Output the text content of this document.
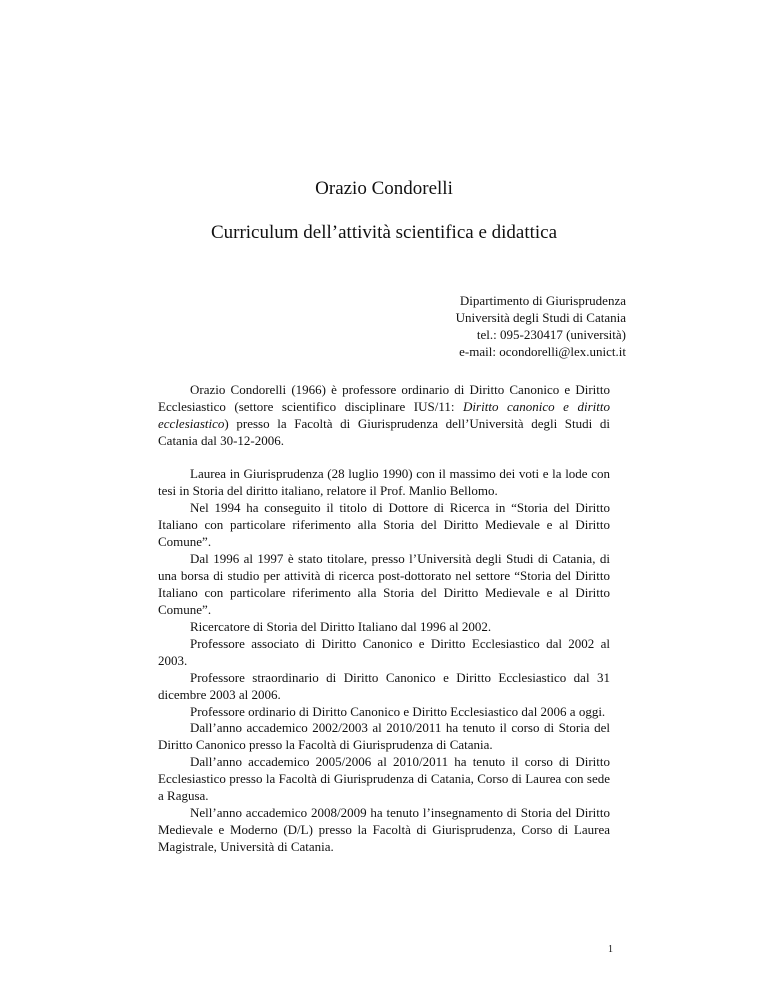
Orazio Condorelli
Curriculum dell’attività scientifica e didattica
Dipartimento di Giurisprudenza
Università degli Studi di Catania
tel.: 095-230417 (università)
e-mail: ocondorelli@lex.unict.it

Orazio Condorelli (1966) è professore ordinario di Diritto Canonico e Diritto Ecclesiastico (settore scientifico disciplinare IUS/11: Diritto canonico e diritto ecclesiastico) presso la Facoltà di Giurisprudenza dell’Università degli Studi di Catania dal 30-12-2006.

Laurea in Giurisprudenza (28 luglio 1990) con il massimo dei voti e la lode con tesi in Storia del diritto italiano, relatore il Prof. Manlio Bellomo.

Nel 1994 ha conseguito il titolo di Dottore di Ricerca in “Storia del Diritto Italiano con particolare riferimento alla Storia del Diritto Medievale e al Diritto Comune”.

Dal 1996 al 1997 è stato titolare, presso l’Università degli Studi di Catania, di una borsa di studio per attività di ricerca post-dottorato nel settore “Storia del Diritto Italiano con particolare riferimento alla Storia del Diritto Medievale e al Diritto Comune”.

Ricercatore di Storia del Diritto Italiano dal 1996 al 2002.

Professore associato di Diritto Canonico e Diritto Ecclesiastico dal 2002 al 2003.

Professore straordinario di Diritto Canonico e Diritto Ecclesiastico dal 31 dicembre 2003 al 2006.

Professore ordinario di Diritto Canonico e Diritto Ecclesiastico dal 2006 a oggi.

Dall’anno accademico 2002/2003 al 2010/2011 ha tenuto il corso di Storia del Diritto Canonico presso la Facoltà di Giurisprudenza di Catania.

Dall’anno accademico 2005/2006 al 2010/2011 ha tenuto il corso di Diritto Ecclesiastico presso la Facoltà di Giurisprudenza di Catania, Corso di Laurea con sede a Ragusa.

Nell’anno accademico 2008/2009 ha tenuto l’insegnamento di Storia del Diritto Medievale e Moderno (D/L) presso la Facoltà di Giurisprudenza, Corso di Laurea Magistrale, Università di Catania.

1
